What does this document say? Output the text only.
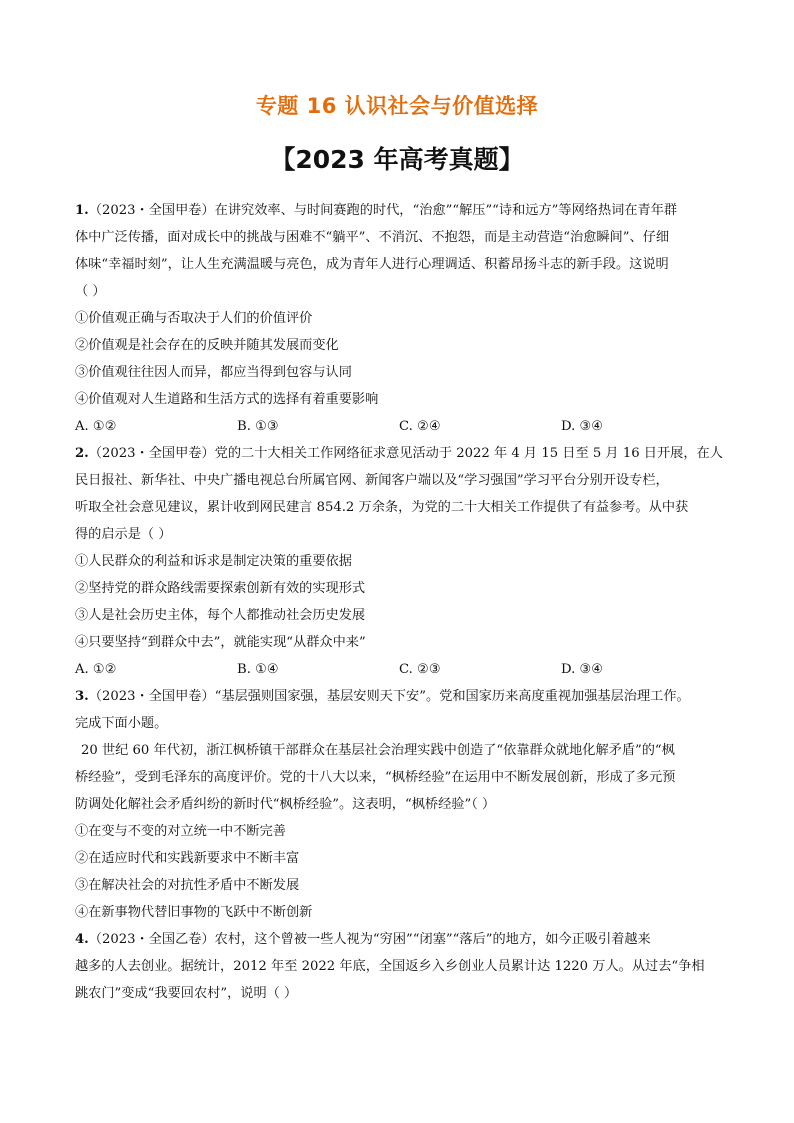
专题 16 认识社会与价值选择
【2023 年高考真题】
1.（2023・全国甲卷）在讲究效率、与时间赛跑的时代，“治愈”“解压”“诗和远方”等网络热词在青年群
体中广泛传播，面对成长中的挑战与困难不“躺平”、不消沉、不抱怨，而是主动营造“治愈瞬间”、仔细
体味“幸福时刻”，让人生充满温暖与亮色，成为青年人进行心理调适、积蓄昂扬斗志的新手段。这说明
（ ）
①价值观正确与否取决于人们的价值评价
②价值观是社会存在的反映并随其发展而变化
③价值观往往因人而异，都应当得到包容与认同
④价值观对人生道路和生活方式的选择有着重要影响
A. ①②	B. ①③	C. ②④	D. ③④
2.（2023・全国甲卷）党的二十大相关工作网络征求意见活动于 2022 年 4 月 15 日至 5 月 16 日开展，在人
民日报社、新华社、中央广播电视总台所属官网、新闻客户端以及“学习强国”学习平台分别开设专栏，
听取全社会意见建议，累计收到网民建言 854.2 万余条，为党的二十大相关工作提供了有益参考。从中获
得的启示是（ ）
①人民群众的利益和诉求是制定决策的重要依据
②坚持党的群众路线需要探索创新有效的实现形式
③人是社会历史主体，每个人都推动社会历史发展
④只要坚持“到群众中去”，就能实现“从群众中来”
A. ①②	B. ①④	C. ②③	D. ③④
3.（2023・全国甲卷）“基层强则国家强，基层安则天下安”。党和国家历来高度重视加强基层治理工作。
完成下面小题。
20 世纪 60 年代初，浙江枫桥镇干部群众在基层社会治理实践中创造了“依靠群众就地化解矛盾”的“枫
桥经验”，受到毛泽东的高度评价。党的十八大以来，“枫桥经验”在运用中不断发展创新，形成了多元预
防调处化解社会矛盾纠纷的新时代“枫桥经验”。这表明，“枫桥经验”（ ）
①在变与不变的对立统一中不断完善
②在适应时代和实践新要求中不断丰富
③在解决社会的对抗性矛盾中不断发展
④在新事物代替旧事物的飞跃中不断创新
4.（2023・全国乙卷）农村，这个曾被一些人视为“穷困”“闭塞”“落后”的地方，如今正吸引着越来
越多的人去创业。据统计，2012 年至 2022 年底，全国返乡入乡创业人员累计达 1220 万人。从过去“争相
跳农门”变成“我要回农村”，说明（ ）
